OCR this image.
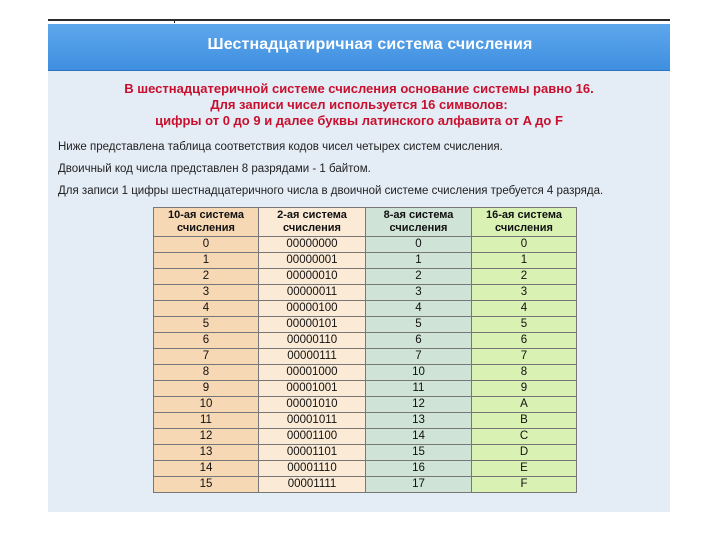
Шестнадцатиричная система счисления
В шестнадцатеричной системе счисления основание системы равно 16.
Для записи чисел используется 16 символов:
цифры от 0 до 9 и далее буквы латинского алфавита от A до F
Ниже представлена таблица соответствия кодов чисел четырех систем счисления.
Двоичный код числа представлен 8 разрядами - 1 байтом.
Для записи 1 цифры шестнадцатеричного числа в двоичной системе счисления требуется 4 разряда.
10-ая система счисления	2-ая система счисления	8-ая система счисления	16-ая система счисления
0	00000000	0	0
1	00000001	1	1
2	00000010	2	2
3	00000011	3	3
4	00000100	4	4
5	00000101	5	5
6	00000110	6	6
7	00000111	7	7
8	00001000	10	8
9	00001001	11	9
10	00001010	12	A
11	00001011	13	B
12	00001100	14	C
13	00001101	15	D
14	00001110	16	E
15	00001111	17	F
